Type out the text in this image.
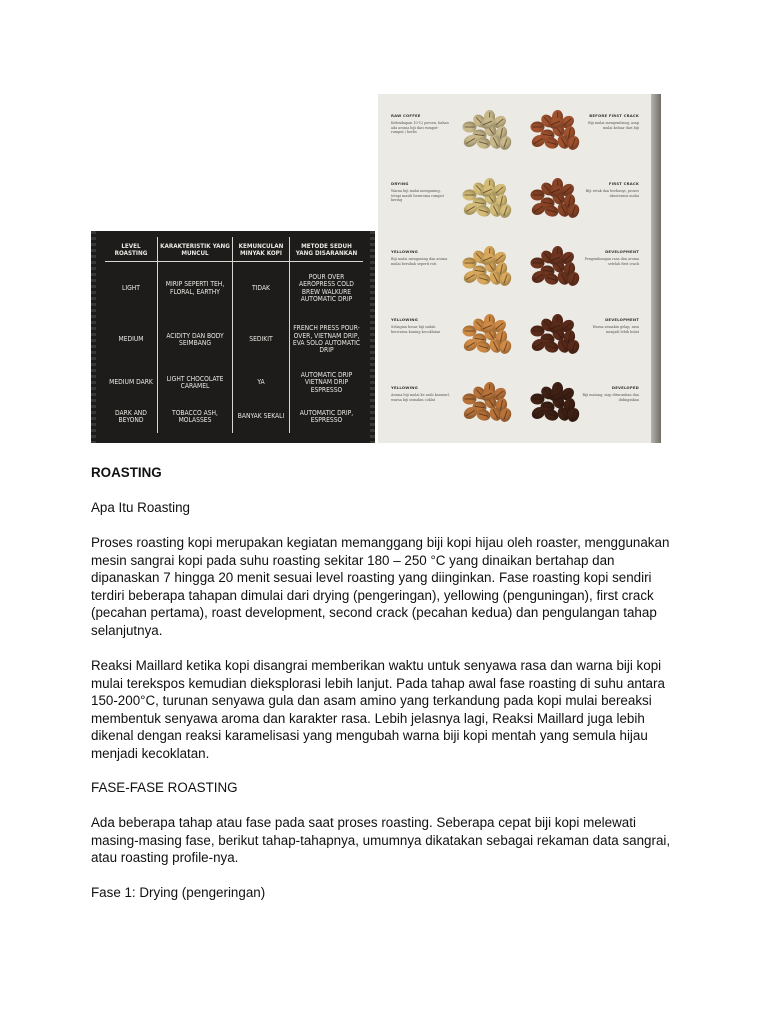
LEVEL ROASTING	KARAKTERISTIK YANG MUNCUL	KEMUNCULAN MINYAK KOPI	METODE SEDUH YANG DISARANKAN
LIGHT	MIRIP SEPERTI TEH, FLORAL, EARTHY	TIDAK	POUR OVER AEROPRESS COLD BREW WALKURE AUTOMATIC DRIP
MEDIUM	ACIDITY DAN BODY SEIMBANG	SEDIKIT	FRENCH PRESS POUR-OVER, VIETNAM DRIP, EVA SOLO AUTOMATIC DRIP
MEDIUM DARK	LIGHT CHOCOLATE CARAMEL	YA	AUTOMATIC DRIP VIETNAM DRIP ESPRESSO
DARK AND BEYOND	TOBACCO ASH, MOLASSES	BANYAK SEKALI	AUTOMATIC DRIP, ESPRESSO
RAW COFFEE
Kelembapan 10-12 persen, bahan ada aroma biji dari rumput-rumput / herbs
DRYING
Warna biji mulai menguning, tetapi masih beraroma rumput kering
YELLOWING
Biji mulai menguning dan aroma mulai berubah seperti roti
YELLOWING
Sebagian besar biji sudah berwarna kuning kecoklatan
YELLOWING
Aroma biji mulai ke arah karamel, warna biji semakin coklat
BEFORE FIRST CRACK
Biji mulai mengembang, asap mulai keluar dari biji
FIRST CRACK
Biji retak dan berbunyi, proses eksotermis mulai
DEVELOPMENT
Pengembangan rasa dan aroma setelah first crack
DEVELOPMENT
Warna semakin gelap, rasa menjadi lebih bulat
DEVELOPED
Biji matang, siap diturunkan dan didinginkan

ROASTING

Apa Itu Roasting

Proses roasting kopi merupakan kegiatan memanggang biji kopi hijau oleh roaster, menggunakan mesin sangrai kopi pada suhu roasting sekitar 180 – 250 °C yang dinaikan bertahap dan dipanaskan 7 hingga 20 menit sesuai level roasting yang diinginkan. Fase roasting kopi sendiri terdiri beberapa tahapan dimulai dari drying (pengeringan), yellowing (penguningan), first crack (pecahan pertama), roast development, second crack (pecahan kedua) dan pengulangan tahap selanjutnya.

Reaksi Maillard ketika kopi disangrai memberikan waktu untuk senyawa rasa dan warna biji kopi mulai terekspos kemudian dieksplorasi lebih lanjut. Pada tahap awal fase roasting di suhu antara 150-200°C, turunan senyawa gula dan asam amino yang terkandung pada kopi mulai bereaksi membentuk senyawa aroma dan karakter rasa. Lebih jelasnya lagi, Reaksi Maillard juga lebih dikenal dengan reaksi karamelisasi yang mengubah warna biji kopi mentah yang semula hijau menjadi kecoklatan.

FASE-FASE ROASTING

Ada beberapa tahap atau fase pada saat proses roasting. Seberapa cepat biji kopi melewati masing-masing fase, berikut tahap-tahapnya, umumnya dikatakan sebagai rekaman data sangrai, atau roasting profile-nya.

Fase 1: Drying (pengeringan)
